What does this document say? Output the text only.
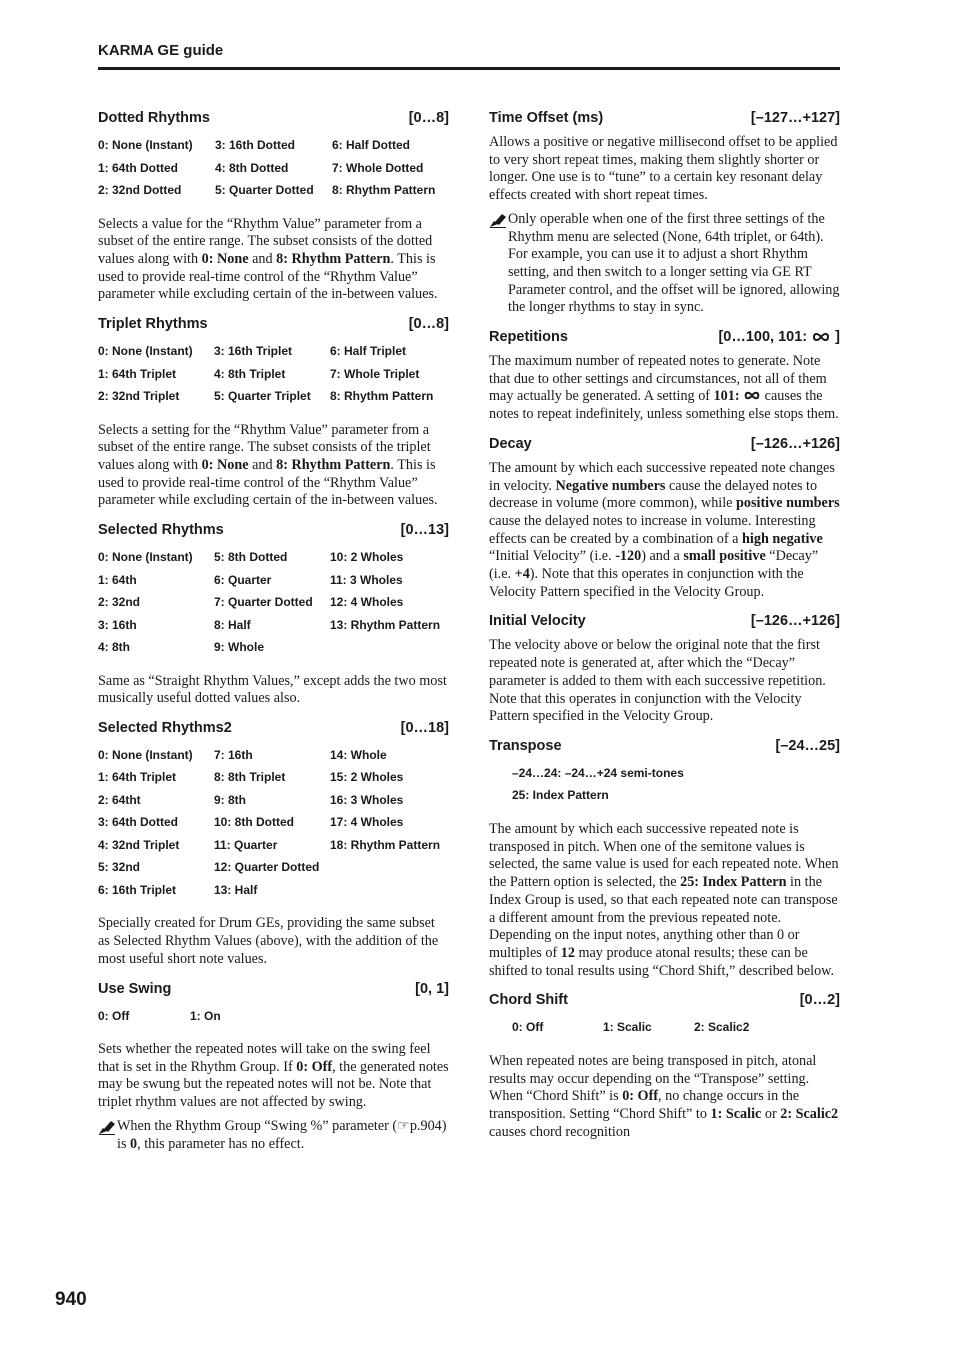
KARMA GE guide
Dotted Rhythms	[0…8]
0: None (Instant)	3: 16th Dotted	6: Half Dotted
1: 64th Dotted	4: 8th Dotted	7: Whole Dotted
2: 32nd Dotted	5: Quarter Dotted	8: Rhythm Pattern

Selects a value for the “Rhythm Value” parameter from a subset of the entire range. The subset consists of the dotted values along with 0: None and 8: Rhythm Pattern. This is used to provide real-time control of the “Rhythm Value” parameter while excluding certain of the in-between values.

Triplet Rhythms	[0…8]
0: None (Instant)	3: 16th Triplet	6: Half Triplet
1: 64th Triplet	4: 8th Triplet	7: Whole Triplet
2: 32nd Triplet	5: Quarter Triplet	8: Rhythm Pattern

Selects a setting for the “Rhythm Value” parameter from a subset of the entire range. The subset consists of the triplet values along with 0: None and 8: Rhythm Pattern. This is used to provide real-time control of the “Rhythm Value” parameter while excluding certain of the in-between values.

Selected Rhythms	[0…13]
0: None (Instant)	5: 8th Dotted	10: 2 Wholes
1: 64th	6: Quarter	11: 3 Wholes
2: 32nd	7: Quarter Dotted	12: 4 Wholes
3: 16th	8: Half	13: Rhythm Pattern
4: 8th	9: Whole

Same as “Straight Rhythm Values,” except adds the two most musically useful dotted values also.

Selected Rhythms2	[0…18]
0: None (Instant)	7: 16th	14: Whole
1: 64th Triplet	8: 8th Triplet	15: 2 Wholes
2: 64tht	9: 8th	16: 3 Wholes
3: 64th Dotted	10: 8th Dotted	17: 4 Wholes
4: 32nd Triplet	11: Quarter	18: Rhythm Pattern
5: 32nd	12: Quarter Dotted
6: 16th Triplet	13: Half

Specially created for Drum GEs, providing the same subset as Selected Rhythm Values (above), with the addition of the most useful short note values.

Use Swing	[0, 1]
0: Off	1: On

Sets whether the repeated notes will take on the swing feel that is set in the Rhythm Group. If 0: Off, the generated notes may be swung but the repeated notes will not be. Note that triplet rhythm values are not affected by swing.

When the Rhythm Group “Swing %” parameter (☞p.904) is 0, this parameter has no effect.
Time Offset (ms)	[–127…+127]

Allows a positive or negative millisecond offset to be applied to very short repeat times, making them slightly shorter or longer. One use is to “tune” to a certain key resonant delay effects created with short repeat times.

Only operable when one of the first three settings of the Rhythm menu are selected (None, 64th triplet, or 64th). For example, you can use it to adjust a short Rhythm setting, and then switch to a longer setting via GE RT Parameter control, and the offset will be ignored, allowing the longer rhythms to stay in sync.
Repetitions	[0…100, 101:  ]

The maximum number of repeated notes to generate. Note that due to other settings and circumstances, not all of them may actually be generated. A setting of 101:  causes the notes to repeat indefinitely, unless something else stops them.

Decay	[–126…+126]

The amount by which each successive repeated note changes in velocity. Negative numbers cause the delayed notes to decrease in volume (more common), while positive numbers cause the delayed notes to increase in volume. Interesting effects can be created by a combination of a high negative “Initial Velocity” (i.e. -120) and a small positive “Decay” (i.e. +4). Note that this operates in conjunction with the Velocity Pattern specified in the Velocity Group.

Initial Velocity	[–126…+126]

The velocity above or below the original note that the first repeated note is generated at, after which the “Decay” parameter is added to them with each successive repetition. Note that this operates in conjunction with the Velocity Pattern specified in the Velocity Group.

Transpose	[–24…25]
–24…24: –24…+24 semi-tones
25: Index Pattern

The amount by which each successive repeated note is transposed in pitch. When one of the semitone values is selected, the same value is used for each repeated note. When the Pattern option is selected, the 25: Index Pattern in the Index Group is used, so that each repeated note can transpose a different amount from the previous repeated note. Depending on the input notes, anything other than 0 or multiples of 12 may produce atonal results; these can be shifted to tonal results using “Chord Shift,” described below.

Chord Shift	[0…2]
0: Off	1: Scalic	2: Scalic2

When repeated notes are being transposed in pitch, atonal results may occur depending on the “Transpose” setting. When “Chord Shift” is 0: Off, no change occurs in the transposition. Setting “Chord Shift” to 1: Scalic or 2: Scalic2 causes chord recognition

940
